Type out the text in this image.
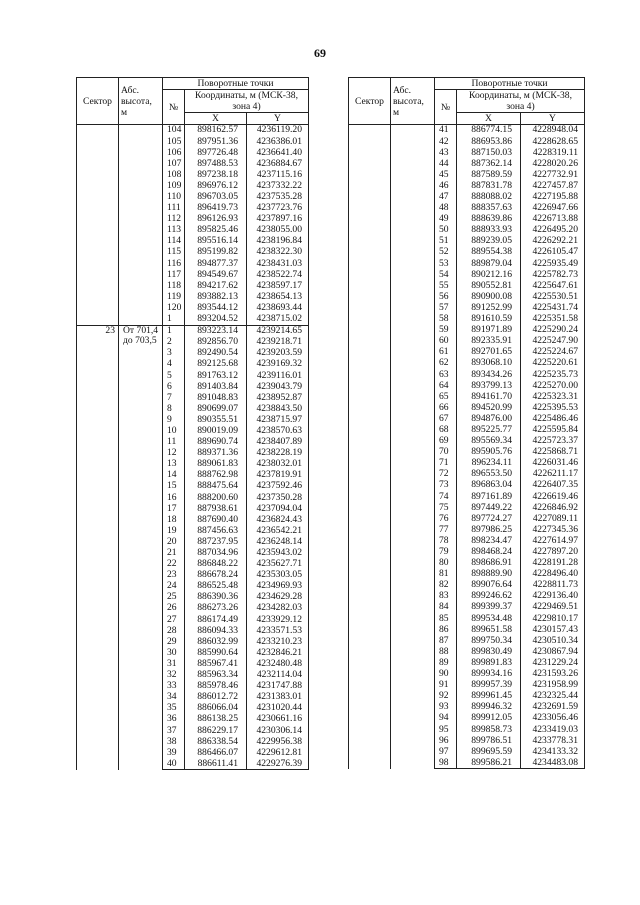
69
Сектор	Абс. высота, м	Поворотные точки		
		№	Координаты, м (МСК-38, зона 4)	
			X	Y
		104	898162.57	4236119.20
		105	897951.36	4236386.01
		106	897726.48	4236641.40
		107	897488.53	4236884.67
		108	897238.18	4237115.16
		109	896976.12	4237332.22
		110	896703.05	4237535.28
		111	896419.73	4237723.76
		112	896126.93	4237897.16
		113	895825.46	4238055.00
		114	895516.14	4238196.84
		115	895199.82	4238322.30
		116	894877.37	4238431.03
		117	894549.67	4238522.74
		118	894217.62	4238597.17
		119	893882.13	4238654.13
		120	893544.12	4238693.44
		1	893204.52	4238715.02
23	От 701,4 до 703,5	1	893223.14	4239214.65
		2	892856.70	4239218.71
		3	892490.54	4239203.59
		4	892125.68	4239169.32
		5	891763.12	4239116.01
		6	891403.84	4239043.79
		7	891048.83	4238952.87
		8	890699.07	4238843.50
		9	890355.51	4238715.97
		10	890019.09	4238570.63
		11	889690.74	4238407.89
		12	889371.36	4238228.19
		13	889061.83	4238032.01
		14	888762.98	4237819.91
		15	888475.64	4237592.46
		16	888200.60	4237350.28
		17	887938.61	4237094.04
		18	887690.40	4236824.43
		19	887456.63	4236542.21
		20	887237.95	4236248.14
		21	887034.96	4235943.02
		22	886848.22	4235627.71
		23	886678.24	4235303.05
		24	886525.48	4234969.93
		25	886390.36	4234629.28
		26	886273.26	4234282.03
		27	886174.49	4233929.12
		28	886094.33	4233571.53
		29	886032.99	4233210.23
		30	885990.64	4232846.21
		31	885967.41	4232480.48
		32	885963.34	4232114.04
		33	885978.46	4231747.88
		34	886012.72	4231383.01
		35	886066.04	4231020.44
		36	886138.25	4230661.16
		37	886229.17	4230306.14
		38	886338.54	4229956.38
		39	886466.07	4229612.81
		40	886611.41	4229276.39
Сектор	Абс. высота, м	Поворотные точки		
		№	Координаты, м (МСК-38, зона 4)	
			X	Y
		41	886774.15	4228948.04
		42	886953.86	4228628.65
		43	887150.03	4228319.11
		44	887362.14	4228020.26
		45	887589.59	4227732.91
		46	887831.78	4227457.87
		47	888088.02	4227195.88
		48	888357.63	4226947.66
		49	888639.86	4226713.88
		50	888933.93	4226495.20
		51	889239.05	4226292.21
		52	889554.38	4226105.47
		53	889879.04	4225935.49
		54	890212.16	4225782.73
		55	890552.81	4225647.61
		56	890900.08	4225530.51
		57	891252.99	4225431.74
		58	891610.59	4225351.58
		59	891971.89	4225290.24
		60	892335.91	4225247.90
		61	892701.65	4225224.67
		62	893068.10	4225220.61
		63	893434.26	4225235.73
		64	893799.13	4225270.00
		65	894161.70	4225323.31
		66	894520.99	4225395.53
		67	894876.00	4225486.46
		68	895225.77	4225595.84
		69	895569.34	4225723.37
		70	895905.76	4225868.71
		71	896234.11	4226031.46
		72	896553.50	4226211.17
		73	896863.04	4226407.35
		74	897161.89	4226619.46
		75	897449.22	4226846.92
		76	897724.27	4227089.11
		77	897986.25	4227345.36
		78	898234.47	4227614.97
		79	898468.24	4227897.20
		80	898686.91	4228191.28
		81	898889.90	4228496.40
		82	899076.64	4228811.73
		83	899246.62	4229136.40
		84	899399.37	4229469.51
		85	899534.48	4229810.17
		86	899651.58	4230157.43
		87	899750.34	4230510.34
		88	899830.49	4230867.94
		89	899891.83	4231229.24
		90	899934.16	4231593.26
		91	899957.39	4231958.99
		92	899961.45	4232325.44
		93	899946.32	4232691.59
		94	899912.05	4233056.46
		95	899858.73	4233419.03
		96	899786.51	4233778.31
		97	899695.59	4234133.32
		98	899586.21	4234483.08
